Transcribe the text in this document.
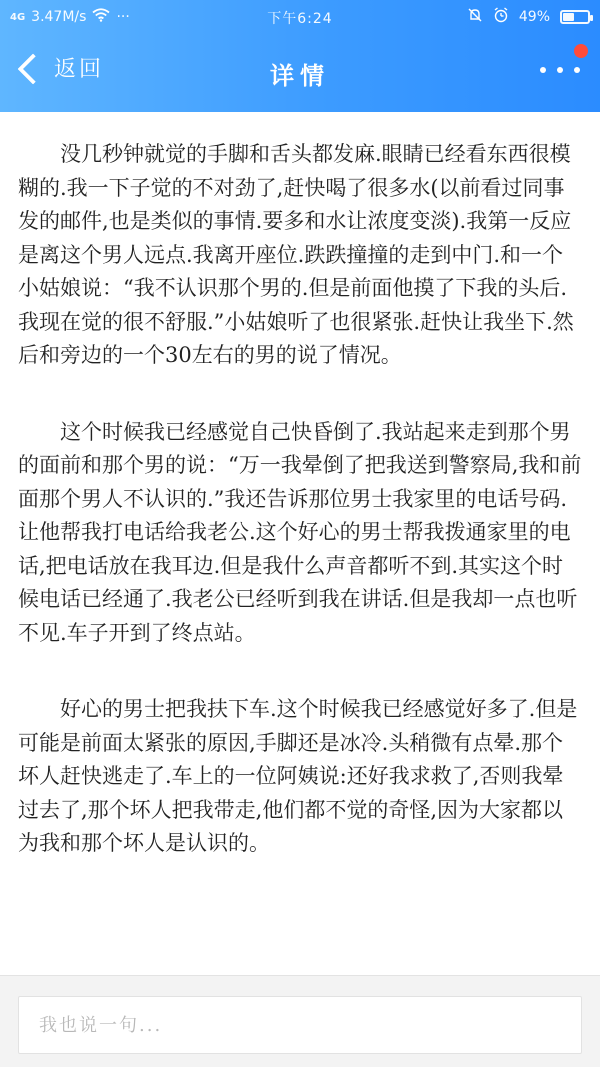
4G 3.47M/s ···	下午6:24	49%
返回	详情

没几秒钟就觉的手脚和舌头都发麻.眼睛已经看东西很模糊的.我一下子觉的不对劲了,赶快喝了很多水(以前看过同事发的邮件,也是类似的事情.要多和水让浓度变淡).我第一反应是离这个男人远点.我离开座位.跌跌撞撞的走到中门.和一个小姑娘说：“我不认识那个男的.但是前面他摸了下我的头后.我现在觉的很不舒服.”小姑娘听了也很紧张.赶快让我坐下.然后和旁边的一个30左右的男的说了情况。

这个时候我已经感觉自己快昏倒了.我站起来走到那个男的面前和那个男的说：“万一我晕倒了把我送到警察局,我和前面那个男人不认识的.”我还告诉那位男士我家里的电话号码.让他帮我打电话给我老公.这个好心的男士帮我拨通家里的电话,把电话放在我耳边.但是我什么声音都听不到.其实这个时候电话已经通了.我老公已经听到我在讲话.但是我却一点也听不见.车子开到了终点站。

好心的男士把我扶下车.这个时候我已经感觉好多了.但是可能是前面太紧张的原因,手脚还是冰冷.头稍微有点晕.那个坏人赶快逃走了.车上的一位阿姨说:还好我求救了,否则我晕过去了,那个坏人把我带走,他们都不觉的奇怪,因为大家都以为我和那个坏人是认识的。

我也说一句...
